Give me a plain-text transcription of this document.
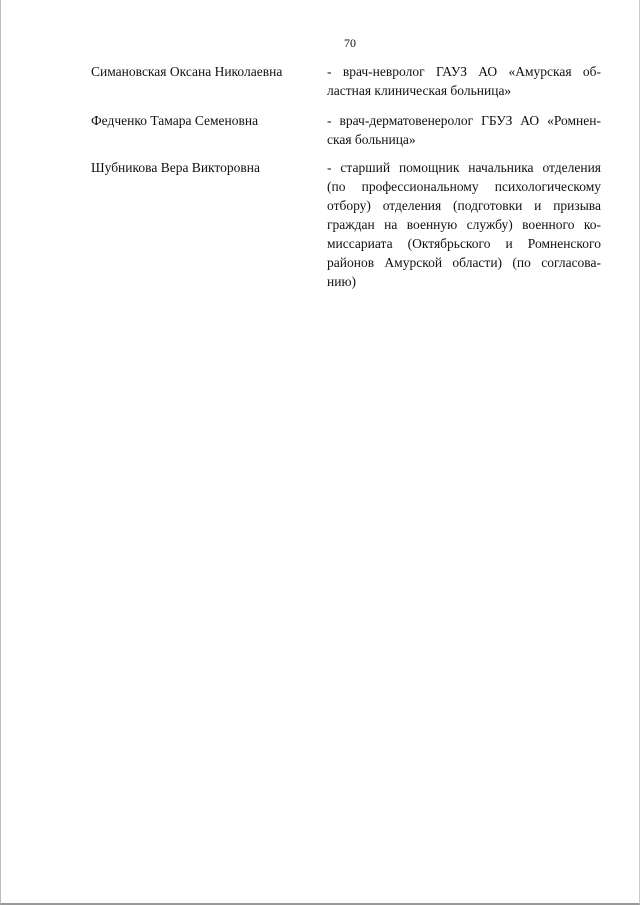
70
Симановская Оксана Николаевна	- врач-невролог ГАУЗ АО «Амурская об-
ластная клиническая больница»
Федченко Тамара Семеновна	- врач-дерматовенеролог ГБУЗ АО «Ромнен-
ская больница»
Шубникова Вера Викторовна	- старший помощник начальника отделения
(по профессиональному психологическому
отбору) отделения (подготовки и призыва
граждан на военную службу) военного ко-
миссариата (Октябрьского и Ромненского
районов Амурской области) (по согласова-
нию)
